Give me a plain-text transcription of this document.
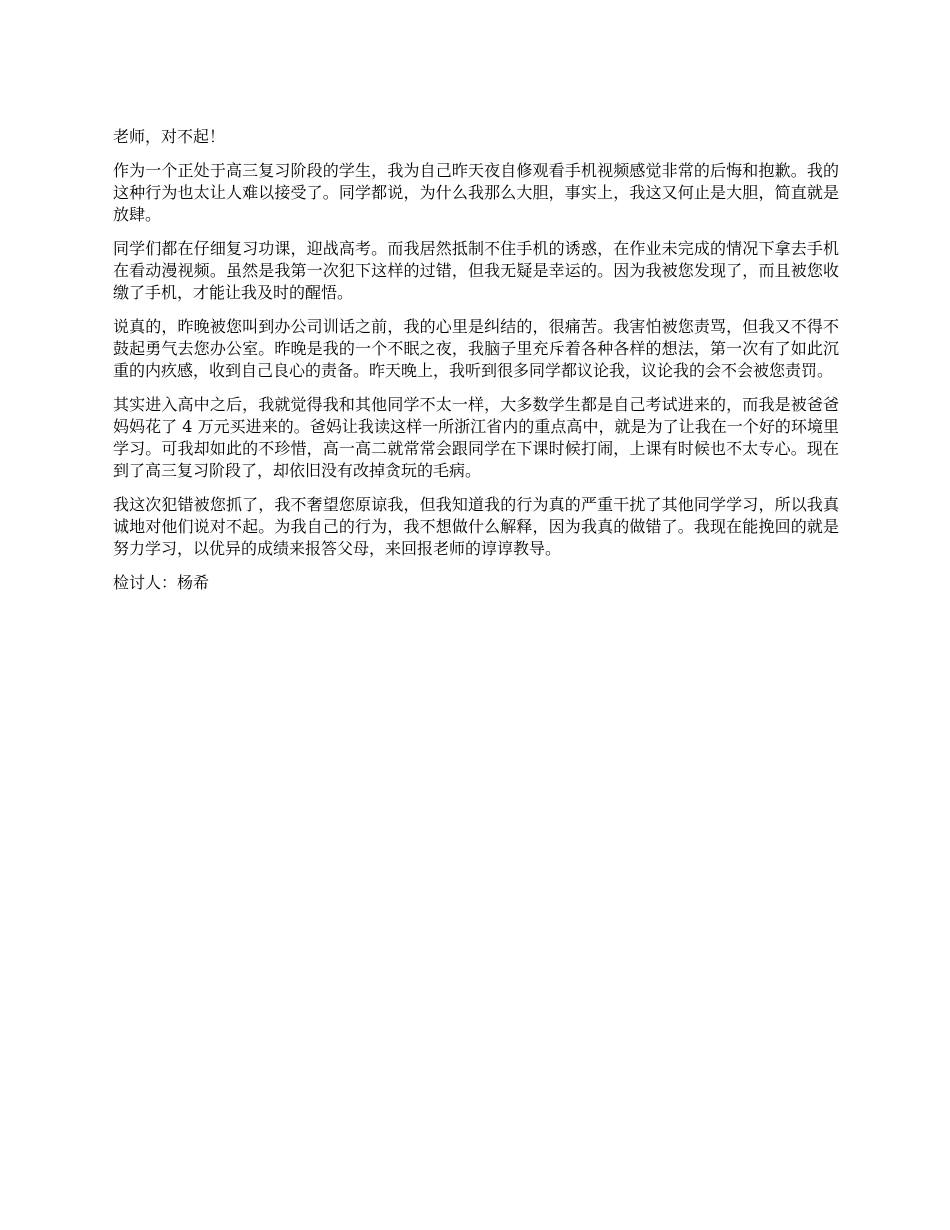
老师，对不起！

作为一个正处于高三复习阶段的学生，我为自己昨天夜自修观看手机视频感觉非常的后悔和抱歉。我的这种行为也太让人难以接受了。同学都说，为什么我那么大胆，事实上，我这又何止是大胆，简直就是放肆。

同学们都在仔细复习功课，迎战高考。而我居然抵制不住手机的诱惑，在作业未完成的情况下拿去手机在看动漫视频。虽然是我第一次犯下这样的过错，但我无疑是幸运的。因为我被您发现了，而且被您收缴了手机，才能让我及时的醒悟。

说真的，昨晚被您叫到办公司训话之前，我的心里是纠结的，很痛苦。我害怕被您责骂，但我又不得不鼓起勇气去您办公室。昨晚是我的一个不眠之夜，我脑子里充斥着各种各样的想法，第一次有了如此沉重的内疚感，收到自己良心的责备。昨天晚上，我听到很多同学都议论我，议论我的会不会被您责罚。

其实进入高中之后，我就觉得我和其他同学不太一样，大多数学生都是自己考试进来的，而我是被爸爸妈妈花了 4 万元买进来的。爸妈让我读这样一所浙江省内的重点高中，就是为了让我在一个好的环境里学习。可我却如此的不珍惜，高一高二就常常会跟同学在下课时候打闹，上课有时候也不太专心。现在到了高三复习阶段了，却依旧没有改掉贪玩的毛病。

我这次犯错被您抓了，我不奢望您原谅我，但我知道我的行为真的严重干扰了其他同学学习，所以我真诚地对他们说对不起。为我自己的行为，我不想做什么解释，因为我真的做错了。我现在能挽回的就是努力学习，以优异的成绩来报答父母，来回报老师的谆谆教导。

检讨人：杨希
